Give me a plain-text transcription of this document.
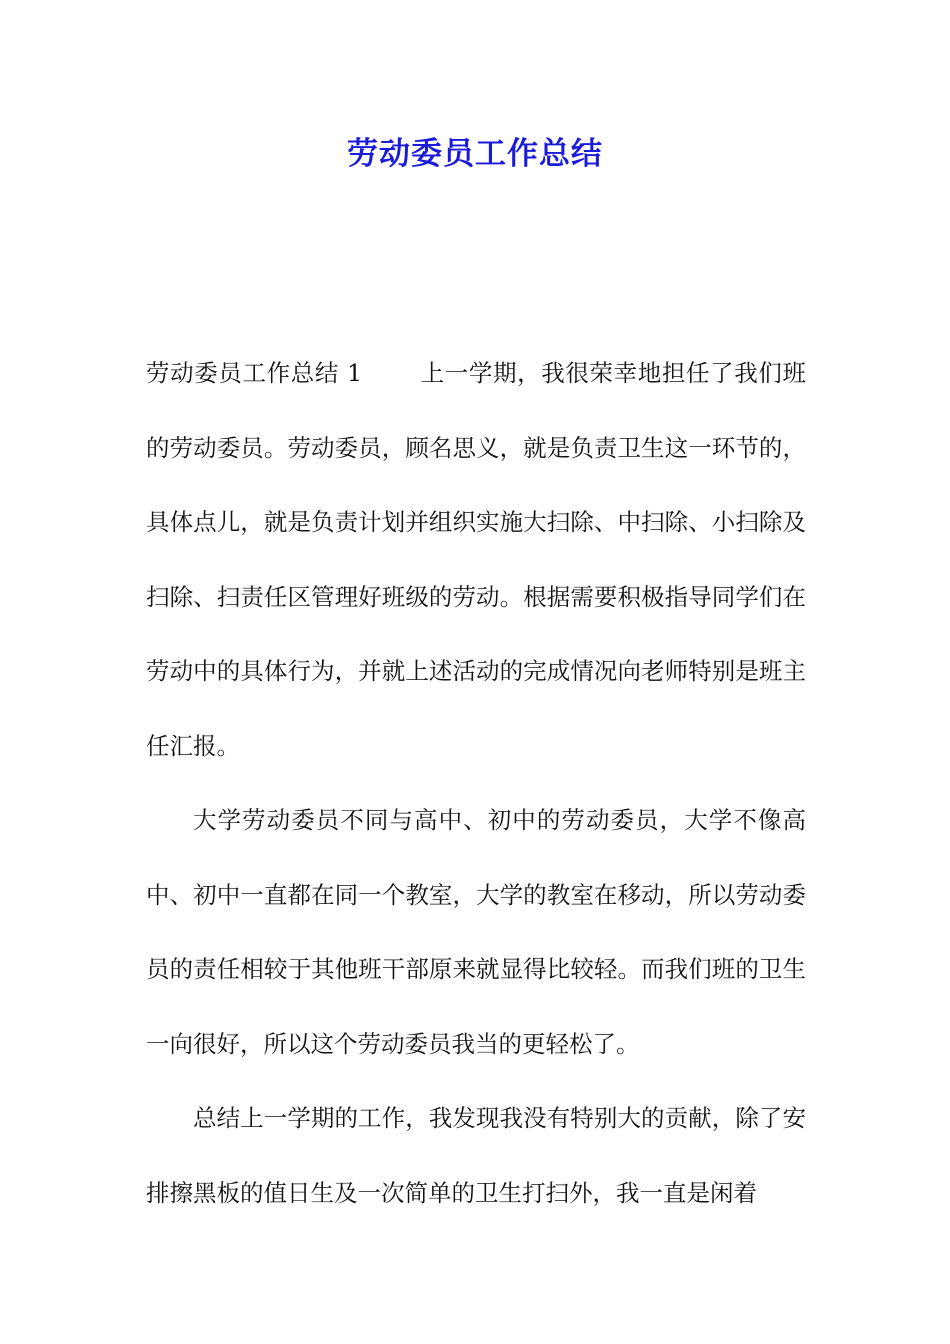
劳动委员工作总结

劳动委员工作总结 1 上一学期，我很荣幸地担任了我们班的劳动委员。劳动委员，顾名思义，就是负责卫生这一环节的，具体点儿，就是负责计划并组织实施大扫除、中扫除、小扫除及扫除、扫责任区管理好班级的劳动。根据需要积极指导同学们在劳动中的具体行为，并就上述活动的完成情况向老师特别是班主任汇报。

大学劳动委员不同与高中、初中的劳动委员，大学不像高中、初中一直都在同一个教室，大学的教室在移动，所以劳动委员的责任相较于其他班干部原来就显得比较轻。而我们班的卫生一向很好，所以这个劳动委员我当的更轻松了。

总结上一学期的工作，我发现我没有特别大的贡献，除了安排擦黑板的值日生及一次简单的卫生打扫外，我一直是闲着
